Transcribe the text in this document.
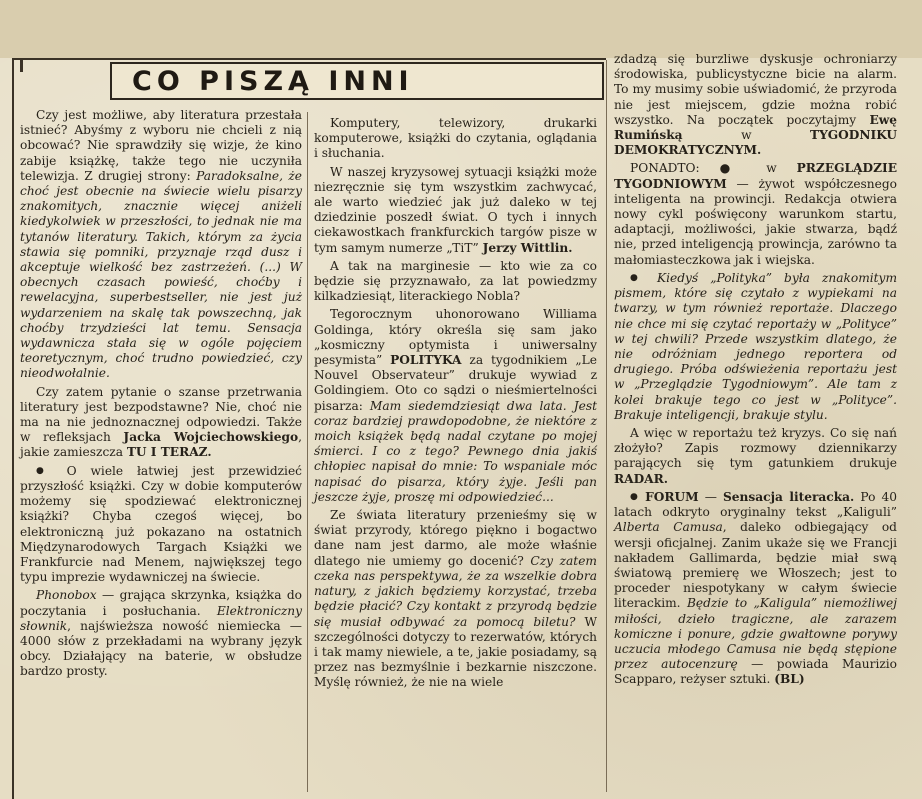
CO PISZĄ INNI

Czy jest możliwe, aby literatura przestała istnieć? Abyśmy z wyboru nie chcieli z nią obcować? Nie sprawdziły się wizje, że kino zabije książkę, także tego nie uczyniła telewizja. Z drugiej strony: Paradoksalne, że choć jest obecnie na świecie wielu pisarzy znakomitych, znacznie więcej aniżeli kiedykolwiek w przeszłości, to jednak nie ma tytanów literatury. Takich, którym za życia stawia się pomniki, przyznaje rząd dusz i akceptuje wielkość bez zastrzeżeń. (...) W obecnych czasach powieść, choćby i rewelacyjna, superbestseller, nie jest już wydarzeniem na skalę tak powszechną, jak choćby trzydzieści lat temu. Sensacja wydawnicza stała się w ogóle pojęciem teoretycznym, choć trudno powiedzieć, czy nieodwołalnie.

Czy zatem pytanie o szanse przetrwania literatury jest bezpodstawne? Nie, choć nie ma na nie jednoznacznej odpowiedzi. Także w refleksjach Jacka Wojciechowskiego, jakie zamieszcza TU I TERAZ.

● O wiele łatwiej jest przewidzieć przyszłość książki. Czy w dobie komputerów możemy się spodziewać elektronicznej książki? Chyba czegoś więcej, bo elektroniczną już pokazano na ostatnich Międzynarodowych Targach Książki we Frankfurcie nad Menem, największej tego typu imprezie wydawniczej na świecie.

Phonobox — grająca skrzynka, książka do poczytania i posłuchania. Elektroniczny słownik, najświeższa nowość niemiecka — 4000 słów z przekładami na wybrany język obcy. Działający na baterie, w obsłudze bardzo prosty.

Komputery, telewizory, drukarki komputerowe, książki do czytania, oglądania i słuchania.

W naszej kryzysowej sytuacji książki może niezręcznie się tym wszystkim zachwycać, ale warto wiedzieć jak już daleko w tej dziedzinie poszedł świat. O tych i innych ciekawostkach frankfurckich targów pisze w tym samym numerze „TiT” Jerzy Wittlin.

A tak na marginesie — kto wie za co będzie się przyznawało, za lat powiedzmy kilkadziesiąt, literackiego Nobla?

Tegorocznym uhonorowano Williama Goldinga, który określa się sam jako „kosmiczny optymista i uniwersalny pesymista” POLITYKA za tygodnikiem „Le Nouvel Observateur” drukuje wywiad z Goldingiem. Oto co sądzi o nieśmiertelności pisarza: Mam siedemdziesiąt dwa lata. Jest coraz bardziej prawdopodobne, że niektóre z moich książek będą nadal czytane po mojej śmierci. I co z tego? Pewnego dnia jakiś chłopiec napisał do mnie: To wspaniale móc napisać do pisarza, który żyje. Jeśli pan jeszcze żyje, proszę mi odpowiedzieć...

Ze świata literatury przenieśmy się w świat przyrody, którego piękno i bogactwo dane nam jest darmo, ale może właśnie dlatego nie umiemy go docenić? Czy zatem czeka nas perspektywa, że za wszelkie dobra natury, z jakich będziemy korzystać, trzeba będzie płacić? Czy kontakt z przyrodą będzie się musiał odbywać za pomocą biletu? W szczególności dotyczy to rezerwatów, których i tak mamy niewiele, a te, jakie posiadamy, są przez nas bezmyślnie i bezkarnie niszczone. Myślę również, że nie na wiele

zdadzą się burzliwe dyskusje ochroniarzy środowiska, publicystyczne bicie na alarm. To my musimy sobie uświadomić, że przyroda nie jest miejscem, gdzie można robić wszystko. Na początek poczytajmy Ewę Rumińską w TYGODNIKU DEMOKRATYCZNYM.

PONADTO: ● w PRZEGLĄDZIE TYGODNIOWYM — żywot współczesnego inteligenta na prowincji. Redakcja otwiera nowy cykl poświęcony warunkom startu, adaptacji, możliwości, jakie stwarza, bądź nie, przed inteligencją prowincja, zarówno ta małomiasteczkowa jak i wiejska.

● Kiedyś „Polityka” była znakomitym pismem, które się czytało z wypiekami na twarzy, w tym również reportaże. Dlaczego nie chce mi się czytać reportaży w „Polityce” w tej chwili? Przede wszystkim dlatego, że nie odróżniam jednego reportera od drugiego. Próba odświeżenia reportażu jest w „Przeglądzie Tygodniowym”. Ale tam z kolei brakuje tego co jest w „Polityce”. Brakuje inteligencji, brakuje stylu.

A więc w reportażu też kryzys. Co się nań złożyło? Zapis rozmowy dziennikarzy parających się tym gatunkiem drukuje RADAR.

● FORUM — Sensacja literacka. Po 40 latach odkryto oryginalny tekst „Kaliguli” Alberta Camusa, daleko odbiegający od wersji oficjalnej. Zanim ukaże się we Francji nakładem Gallimarda, będzie miał swą światową premierę we Włoszech; jest to proceder niespotykany w całym świecie literackim. Będzie to „Kaligula” niemożliwej miłości, dzieło tragiczne, ale zarazem komiczne i ponure, gdzie gwałtowne porywy uczucia młodego Camusa nie będą stępione przez autocenzurę — powiada Maurizio Scapparo, reżyser sztuki. (BL)
